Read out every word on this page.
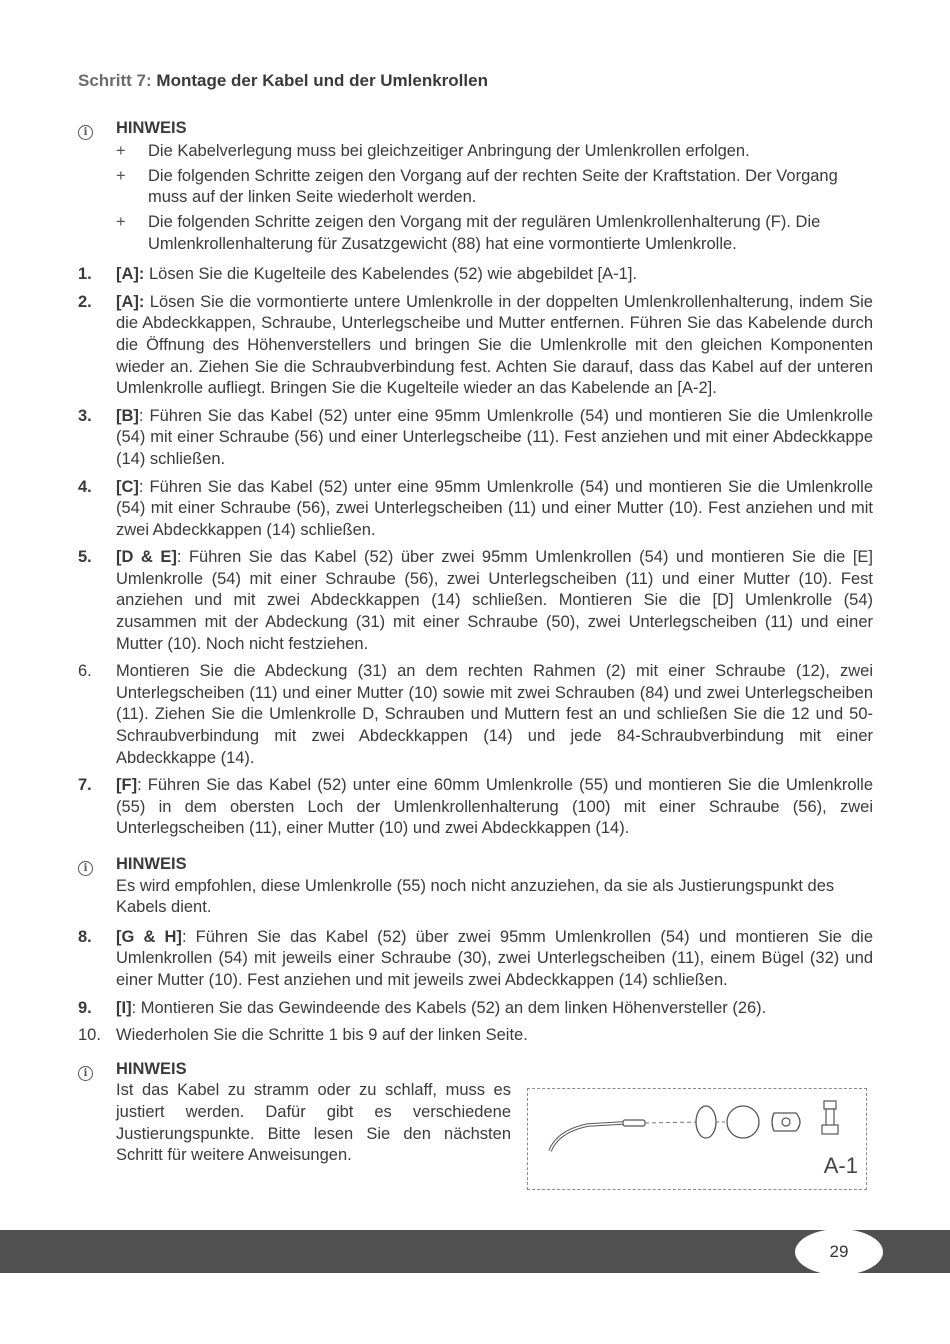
Schritt 7: Montage der Kabel und der Umlenkrollen
i	HINWEIS
+	Die Kabelverlegung muss bei gleichzeitiger Anbringung der Umlenkrollen erfolgen.
+	Die folgenden Schritte zeigen den Vorgang auf der rechten Seite der Kraftstation. Der Vorgang muss auf der linken Seite wiederholt werden.
+	Die folgenden Schritte zeigen den Vorgang mit der regulären Umlenkrollenhalterung (F). Die Umlenkrollenhalterung für Zusatzgewicht (88) hat eine vormontierte Umlenkrolle.
1.	[A]: Lösen Sie die Kugelteile des Kabelendes (52) wie abgebildet [A-1].
2.	[A]: Lösen Sie die vormontierte untere Umlenkrolle in der doppelten Umlenkrollenhalterung, indem Sie die Abdeckkappen, Schraube, Unterlegscheibe und Mutter entfernen. Führen Sie das Kabelende durch die Öffnung des Höhenverstellers und bringen Sie die Umlenkrolle mit den gleichen Komponenten wieder an. Ziehen Sie die Schraubverbindung fest. Achten Sie darauf, dass das Kabel auf der unteren Umlenkrolle aufliegt. Bringen Sie die Kugelteile wieder an das Kabelende an [A-2].
3.	[B]: Führen Sie das Kabel (52) unter eine 95mm Umlenkrolle (54) und montieren Sie die Umlenkrolle (54) mit einer Schraube (56) und einer Unterlegscheibe (11). Fest anziehen und mit einer Abdeckkappe (14) schließen.
4.	[C]: Führen Sie das Kabel (52) unter eine 95mm Umlenkrolle (54) und montieren Sie die Umlenkrolle (54) mit einer Schraube (56), zwei Unterlegscheiben (11) und einer Mutter (10). Fest anziehen und mit zwei Abdeckkappen (14) schließen.
5.	[D & E]: Führen Sie das Kabel (52) über zwei 95mm Umlenkrollen (54) und montieren Sie die [E] Umlenkrolle (54) mit einer Schraube (56), zwei Unterlegscheiben (11) und einer Mutter (10). Fest anziehen und mit zwei Abdeckkappen (14) schließen. Montieren Sie die [D] Umlenkrolle (54) zusammen mit der Abdeckung (31) mit einer Schraube (50), zwei Unterlegscheiben (11) und einer Mutter (10). Noch nicht festziehen.
6.	Montieren Sie die Abdeckung (31) an dem rechten Rahmen (2) mit einer Schraube (12), zwei Unterlegscheiben (11) und einer Mutter (10) sowie mit zwei Schrauben (84) und zwei Unterlegscheiben (11). Ziehen Sie die Umlenkrolle D, Schrauben und Muttern fest an und schließen Sie die 12 und 50-Schraubverbindung mit zwei Abdeckkappen (14) und jede 84-Schraubverbindung mit einer Abdeckkappe (14).
7.	[F]: Führen Sie das Kabel (52) unter eine 60mm Umlenkrolle (55) und montieren Sie die Umlenkrolle (55) in dem obersten Loch der Umlenkrollenhalterung (100) mit einer Schraube (56), zwei Unterlegscheiben (11), einer Mutter (10) und zwei Abdeckkappen (14).
i	HINWEIS
Es wird empfohlen, diese Umlenkrolle (55) noch nicht anzuziehen, da sie als Justierungspunkt des Kabels dient.
8.	[G & H]: Führen Sie das Kabel (52) über zwei 95mm Umlenkrollen (54) und montieren Sie die Umlenkrollen (54) mit jeweils einer Schraube (30), zwei Unterlegscheiben (11), einem Bügel (32) und einer Mutter (10). Fest anziehen und mit jeweils zwei Abdeckkappen (14) schließen.
9.	[I]: Montieren Sie das Gewindeende des Kabels (52) an dem linken Höhenversteller (26).
10. Wiederholen Sie die Schritte 1 bis 9 auf der linken Seite.
i	HINWEIS
Ist das Kabel zu stramm oder zu schlaff, muss es justiert werden. Dafür gibt es verschiedene Justierungspunkte. Bitte lesen Sie den nächsten Schritt für weitere Anweisungen.	A-1
29
